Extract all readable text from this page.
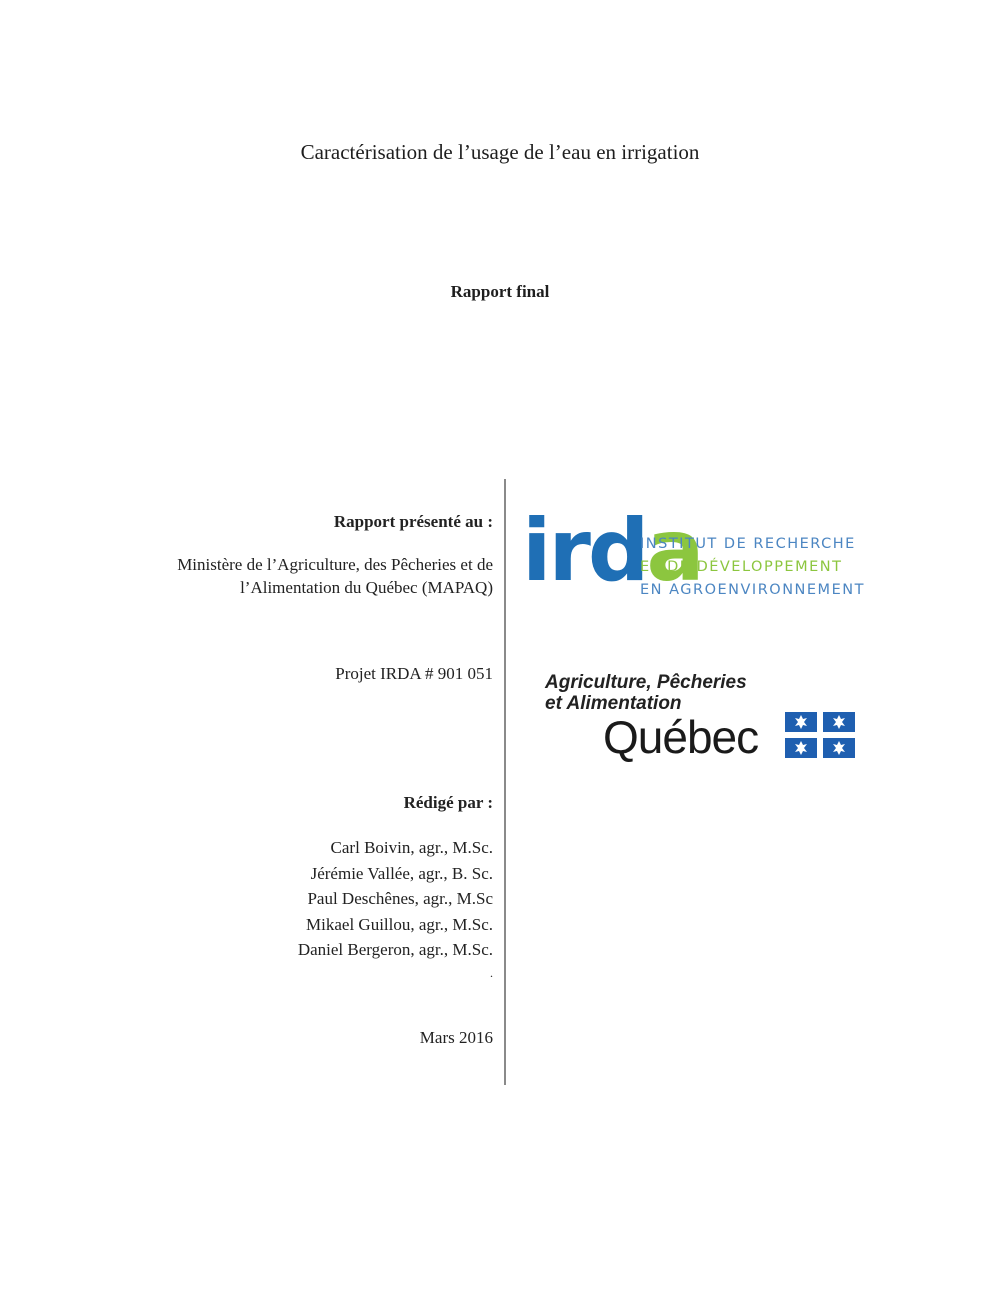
Caractérisation de l’usage de l’eau en irrigation
Rapport final
Rapport présenté au :
Ministère de l’Agriculture, des Pêcheries et de
l’Alimentation du Québec (MAPAQ)
Projet IRDA # 901 051
Rédigé par :
Carl Boivin, agr., M.Sc.
Jérémie Vallée, agr., B. Sc.
Paul Deschênes, agr., M.Sc
Mikael Guillou, agr., M.Sc.
Daniel Bergeron, agr., M.Sc.
.
Mars 2016
irda
INSTITUT DE RECHERCHE
ET DE DÉVELOPPEMENT
EN AGROENVIRONNEMENT
Agriculture, Pêcheries
et Alimentation
Québec
